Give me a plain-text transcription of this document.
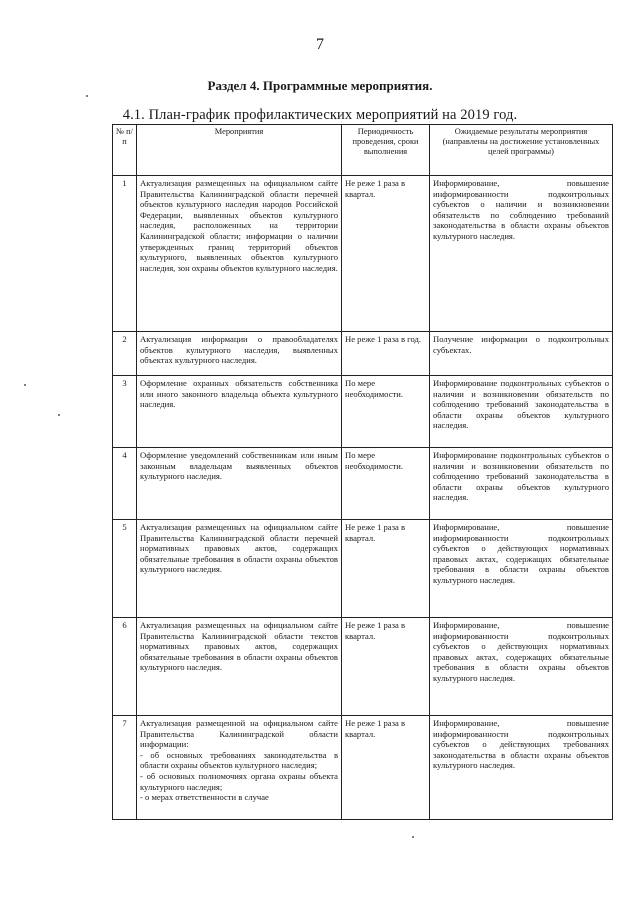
7
Раздел 4. Программные мероприятия.
4.1. План-график профилактических мероприятий на 2019 год.
№ п/п	Мероприятия	Периодичность проведения, сроки выполнения	Ожидаемые результаты мероприятия (направлены на достижение установленных целей программы)
1	Актуализация размещенных на официальном сайте Правительства Калининградской области перечней объектов культурного наследия народов Российской Федерации, выявленных объектов культурного наследия, расположенных на территории Калининградской области; информации о наличии утвержденных границ территорий объектов культурного, выявленных объектов культурного наследия, зон охраны объектов культурного наследия.	Не реже 1 раза в квартал.	Информирование, повышение информированности подконтрольных субъектов о наличии и возникновении обязательств по соблюдению требований законодательства в области охраны объектов культурного наследия.
2	Актуализация информации о правообладателях объектов культурного наследия, выявленных объектах культурного наследия.	Не реже 1 раза в год.	Получение информации о подконтрольных субъектах.
3	Оформление охранных обязательств собственника или иного законного владельца объекта культурного наследия.	По мере необходимости.	Информирование подконтрольных субъектов о наличии и возникновении обязательств по соблюдению требований законодательства в области охраны объектов культурного наследия.
4	Оформление уведомлений собственникам или иным законным владельцам выявленных объектов культурного наследия.	По мере необходимости.	Информирование подконтрольных субъектов о наличии и возникновении обязательств по соблюдению требований законодательства в области охраны объектов культурного наследия.
5	Актуализация размещенных на официальном сайте Правительства Калининградской области перечней нормативных правовых актов, содержащих обязательные требования в области охраны объектов культурного наследия.	Не реже 1 раза в квартал.	Информирование, повышение информированности подконтрольных субъектов о действующих нормативных правовых актах, содержащих обязательные требования в области охраны объектов культурного наследия.
6	Актуализация размещенных на официальном сайте Правительства Калининградской области текстов нормативных правовых актов, содержащих обязательные требования в области охраны объектов культурного наследия.	Не реже 1 раза в квартал.	Информирование, повышение информированности подконтрольных субъектов о действующих нормативных правовых актах, содержащих обязательные требования в области охраны объектов культурного наследия.
7	Актуализация размещенной на официальном сайте Правительства Калининградской области информации:
- об основных требованиях законодательства в области охраны объектов культурного наследия;
- об основных полномочиях органа охраны объекта культурного наследия;
- о мерах ответственности в случае	Не реже 1 раза в квартал.	Информирование, повышение информированности подконтрольных субъектов о действующих требованиях законодательства в области охраны объектов культурного наследия.
